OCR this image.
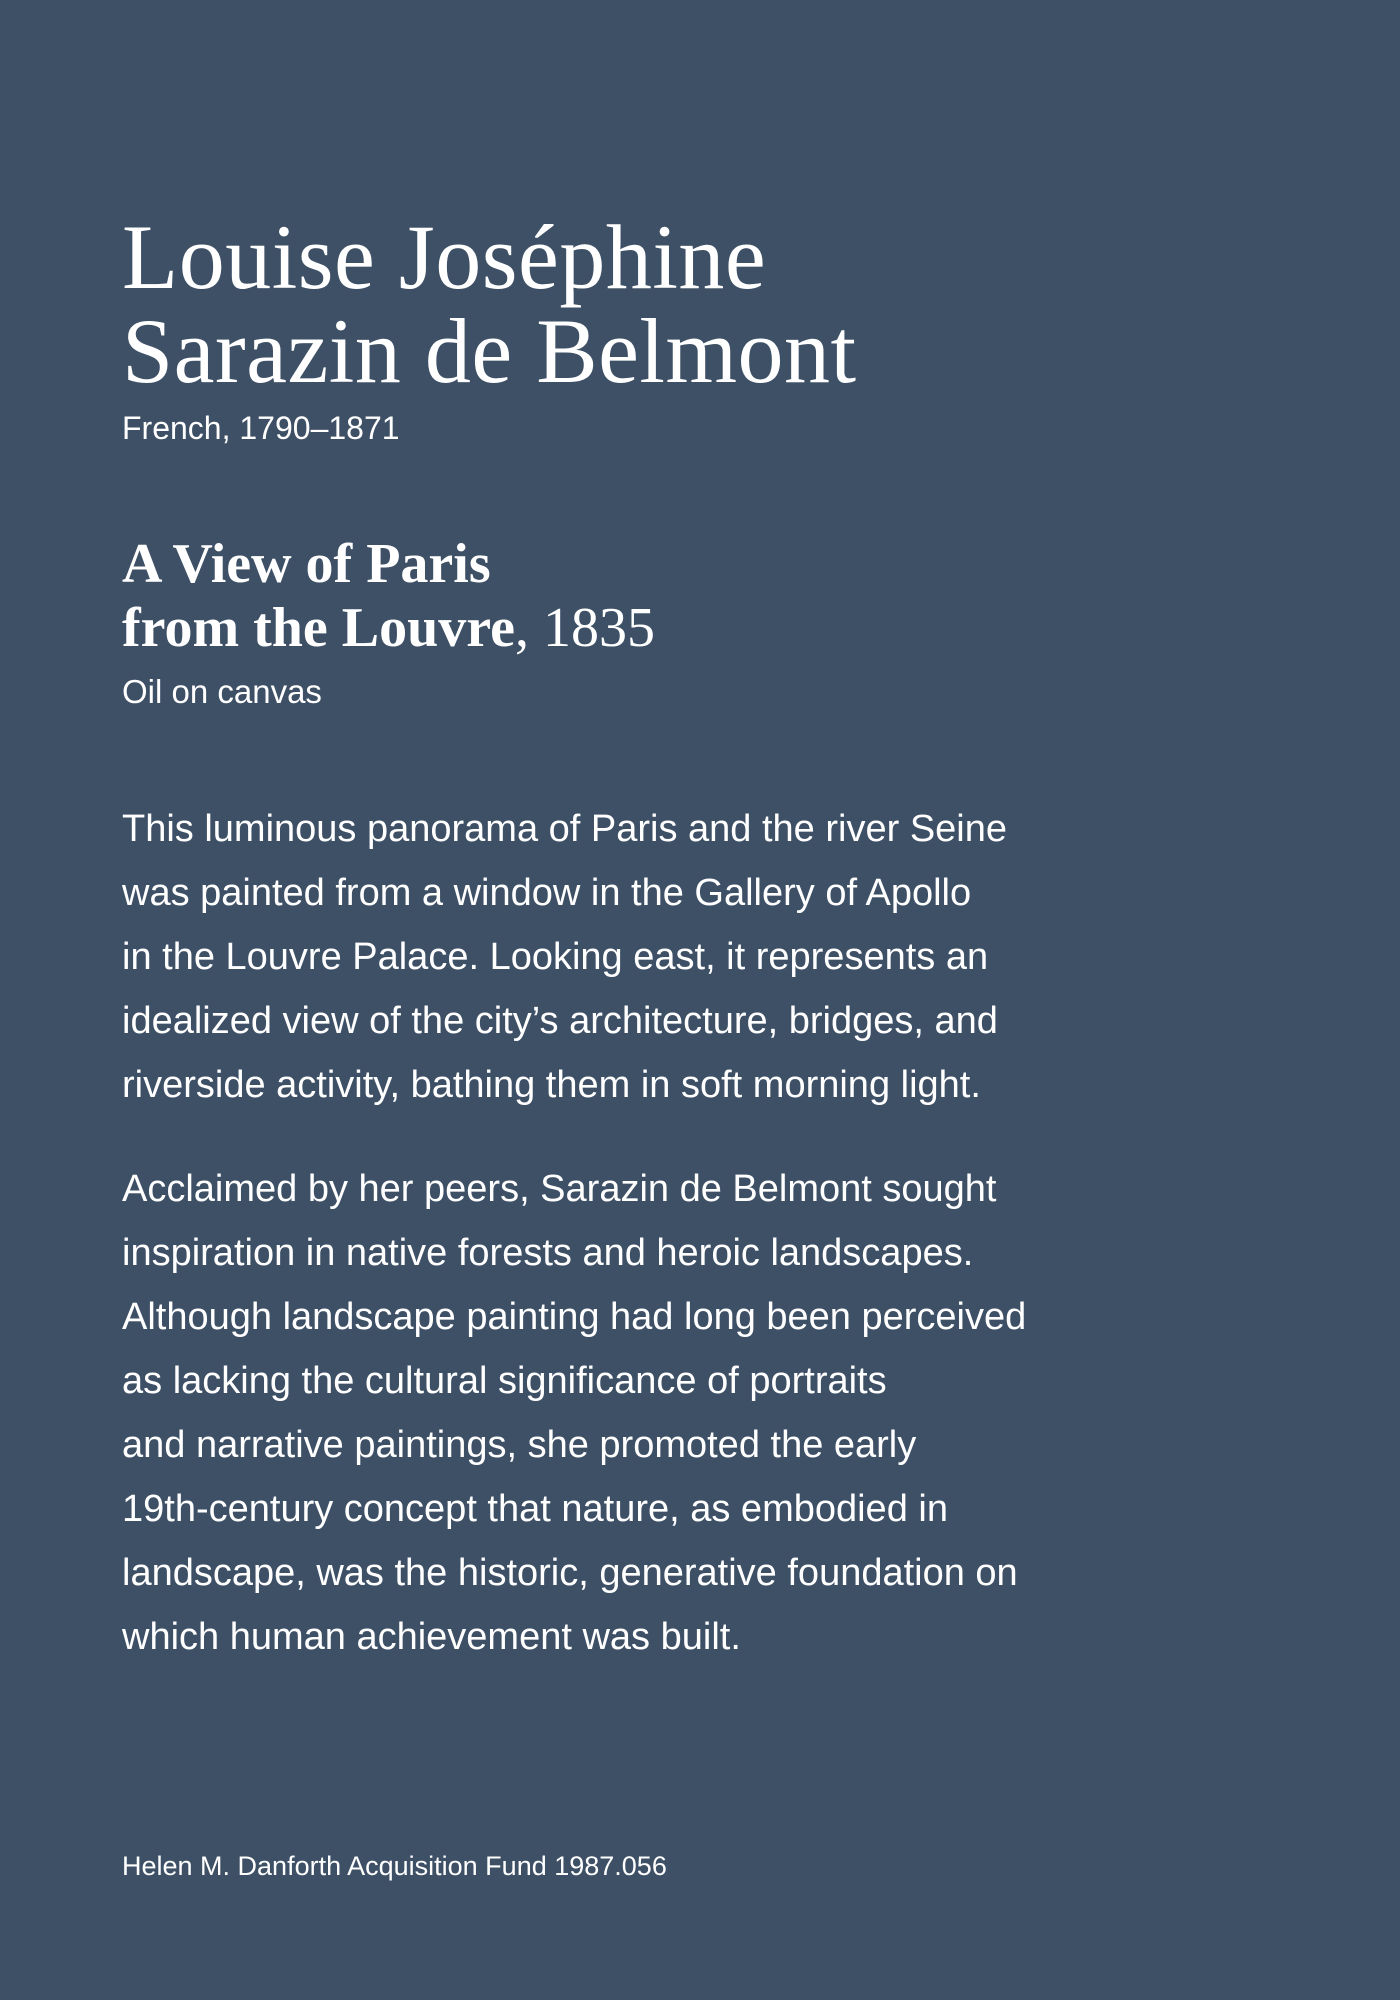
Louise Joséphine
Sarazin de Belmont
French, 1790–1871
A View of Paris
from the Louvre, 1835
Oil on canvas

This luminous panorama of Paris and the river Seine
was painted from a window in the Gallery of Apollo
in the Louvre Palace. Looking east, it represents an
idealized view of the city’s architecture, bridges, and
riverside activity, bathing them in soft morning light.

Acclaimed by her peers, Sarazin de Belmont sought
inspiration in native forests and heroic landscapes.
Although landscape painting had long been perceived
as lacking the cultural significance of portraits
and narrative paintings, she promoted the early
19th-century concept that nature, as embodied in
landscape, was the historic, generative foundation on
which human achievement was built.

Helen M. Danforth Acquisition Fund 1987.056
